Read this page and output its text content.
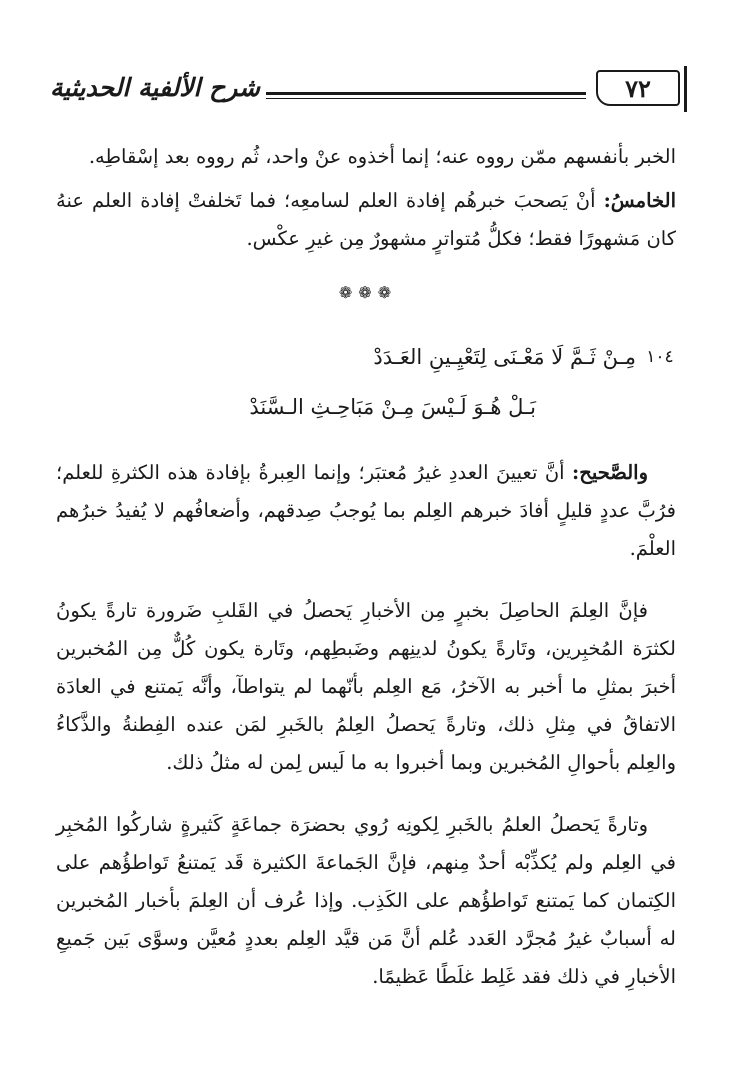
٧٢
شرح الألفية الحديثية

الخبر بأنفسهم ممّن رووه عنه؛ إنما أخذوه عنْ واحد، ثُم رووه بعد إسْقاطِه.

الخامسُ: أنْ يَصحبَ خبرهُم إفادة العلم لسامعِه؛ فما تَخلفتْ إفادة العلم عنهُ كان مَشهورًا فقط؛ فكلُّ مُتواترٍ مشهورٌ مِن غيرِ عكْس.

❁❁❁
١٠٤
مِـنْ ثَـمَّ لَا مَعْـنَى لِتَعْيِـينِ العَـدَدْ
بَـلْ هُـوَ لَـيْسَ مِـنْ مَبَاحِـثِ الـسَّنَدْ

والصَّحيح: أنَّ تعيينَ العددِ غيرُ مُعتبَر؛ وإنما العِبرةُ بإفادة هذه الكثرةِ للعلم؛ فرُبَّ عددٍ قليلٍ أفادَ خبرهم العِلم بما يُوجبُ صِدقهم، وأضعافُهم لا يُفيدُ خبرُهم العلْمَ.

فإنَّ العِلمَ الحاصِلَ بخبرٍ مِن الأخبارِ يَحصلُ في القَلبِ ضَرورة تارةً يكونُ لكثرَة المُخبِرين، وتَارةً يكونُ لدينِهم وضَبطِهم، وتَارة يكون كُلٌّ مِن المُخبرين أخبرَ بمثلِ ما أخبر به الآخرُ، مَع العِلم بأنّهما لم يتواطآ، وأنَّه يَمتنع في العادَة الاتفاقُ في مِثلِ ذلك، وتارةً يَحصلُ العِلمُ بالخَبرِ لمَن عنده الفِطنةُ والذَّكاءُ والعِلم بأحوالِ المُخبرين وبما أخبروا به ما لَيس لِمن له مثلُ ذلك.

وتارةً يَحصلُ العلمُ بالخَبرِ لِكونِه رُوي بحضرَة جماعَةٍ كَثيرةٍ شاركُوا المُخبِر في العِلم ولم يُكذِّبْه أحدٌ مِنهم، فإنَّ الجَماعةَ الكثيرة قَد يَمتنعُ تَواطؤُهم على الكِتمان كما يَمتنع تَواطؤُهم على الكَذِب. وإذا عُرف أن العِلمَ بأخبار المُخبرين له أسبابٌ غيرُ مُجرَّد العَدد عُلم أنَّ مَن قيَّد العِلم بعددٍ مُعيَّن وسوَّى بَين جَميعِ الأخبارِ في ذلك فقد غَلِط غلَطًا عَظيمًا.
